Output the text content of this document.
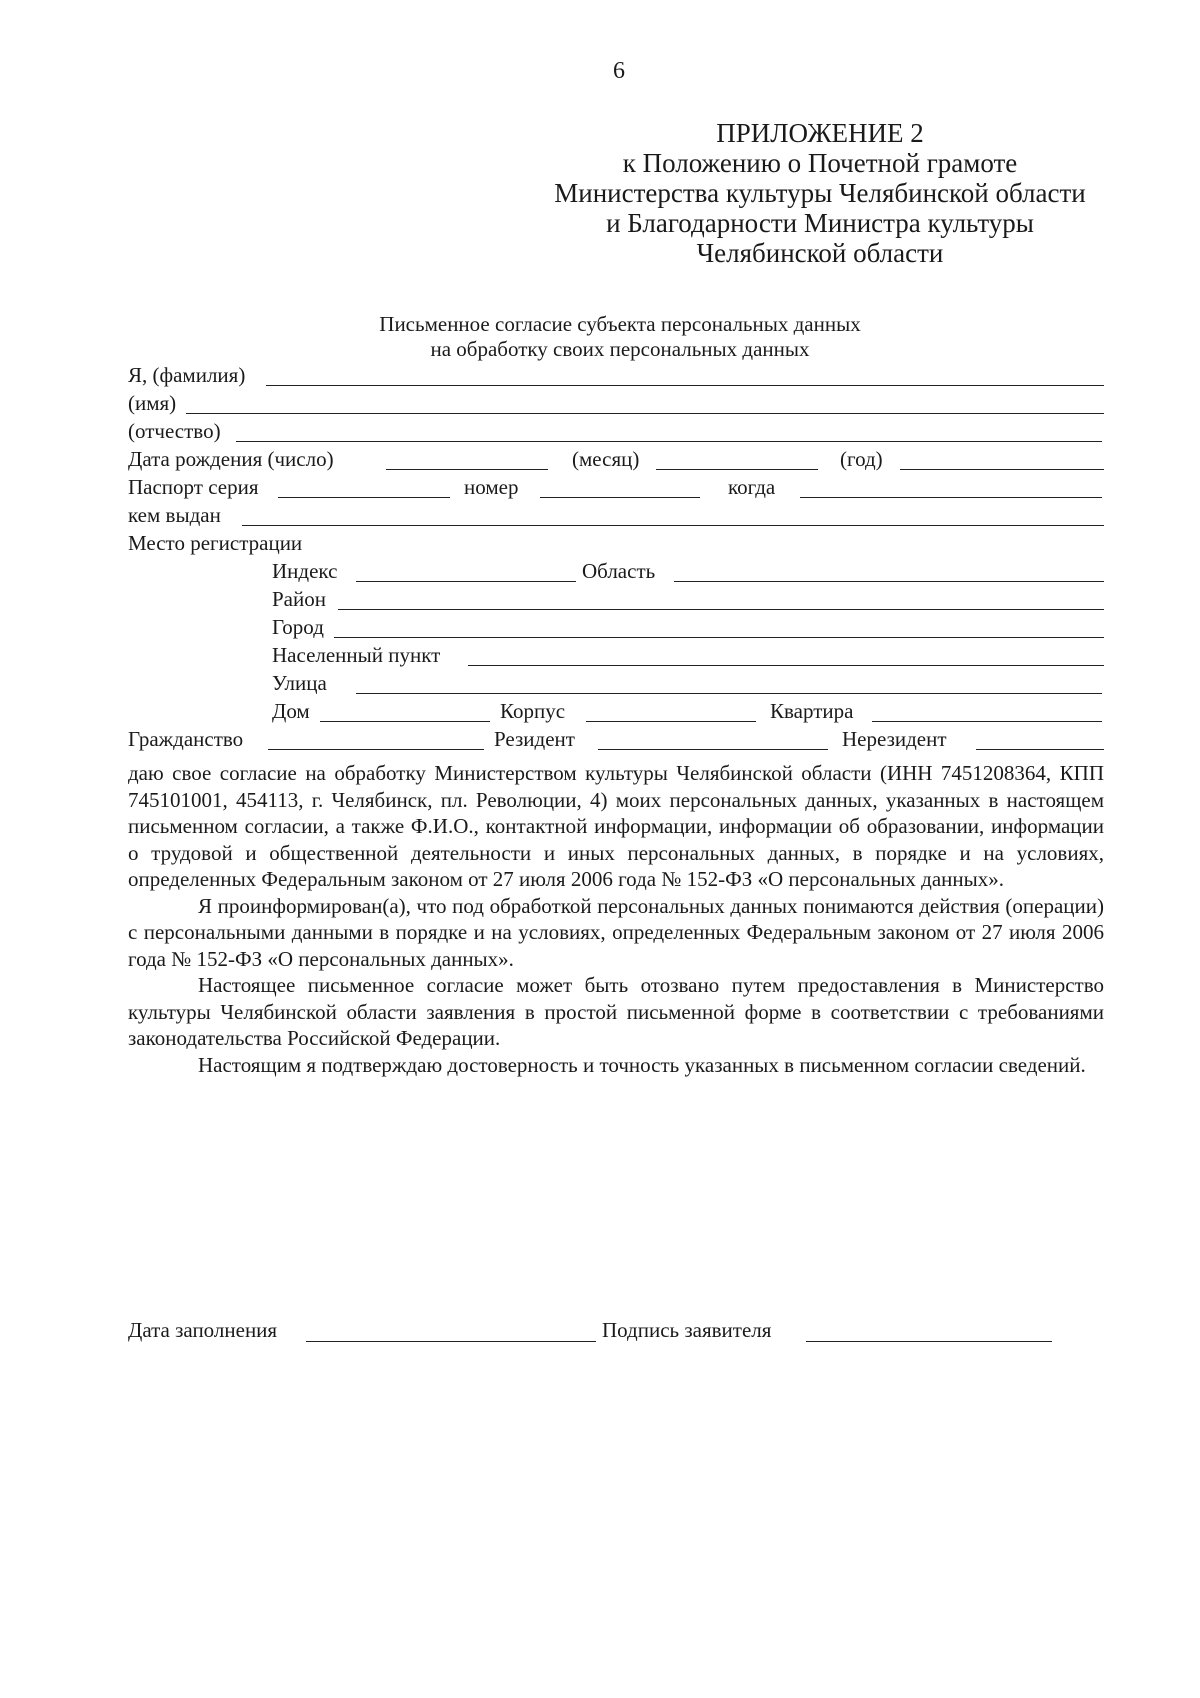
6
ПРИЛОЖЕНИЕ 2
к Положению о Почетной грамоте
Министерства культуры Челябинской области
и Благодарности Министра культуры
Челябинской области
Письменное согласие субъекта персональных данных
на обработку своих персональных данных
Я, (фамилия)
(имя)
(отчество)
Дата рождения (число)	(месяц)	(год)
Паспорт серия	номер	когда
кем выдан
Место регистрации
Индекс	Область
Район
Город
Населенный пункт
Улица
Дом	Корпус	Квартира
Гражданство	Резидент	Нерезидент

даю свое согласие на обработку Министерством культуры Челябинской области (ИНН 7451208364, КПП 745101001, 454113, г. Челябинск, пл. Революции, 4) моих персональных данных, указанных в настоящем письменном согласии, а также Ф.И.О., контактной информации, информации об образовании, информации о трудовой и общественной деятельности и иных персональных данных, в порядке и на условиях, определенных Федеральным законом от 27 июля 2006 года № 152-ФЗ «О персональных данных».

Я проинформирован(а), что под обработкой персональных данных понимаются действия (операции) с персональными данными в порядке и на условиях, определенных Федеральным законом от 27 июля 2006 года № 152-ФЗ «О персональных данных».

Настоящее письменное согласие может быть отозвано путем предоставления в Министерство культуры Челябинской области заявления в простой письменной форме в соответствии с требованиями законодательства Российской Федерации.

Настоящим я подтверждаю достоверность и точность указанных в письменном согласии сведений.

Дата заполнения	Подпись заявителя
